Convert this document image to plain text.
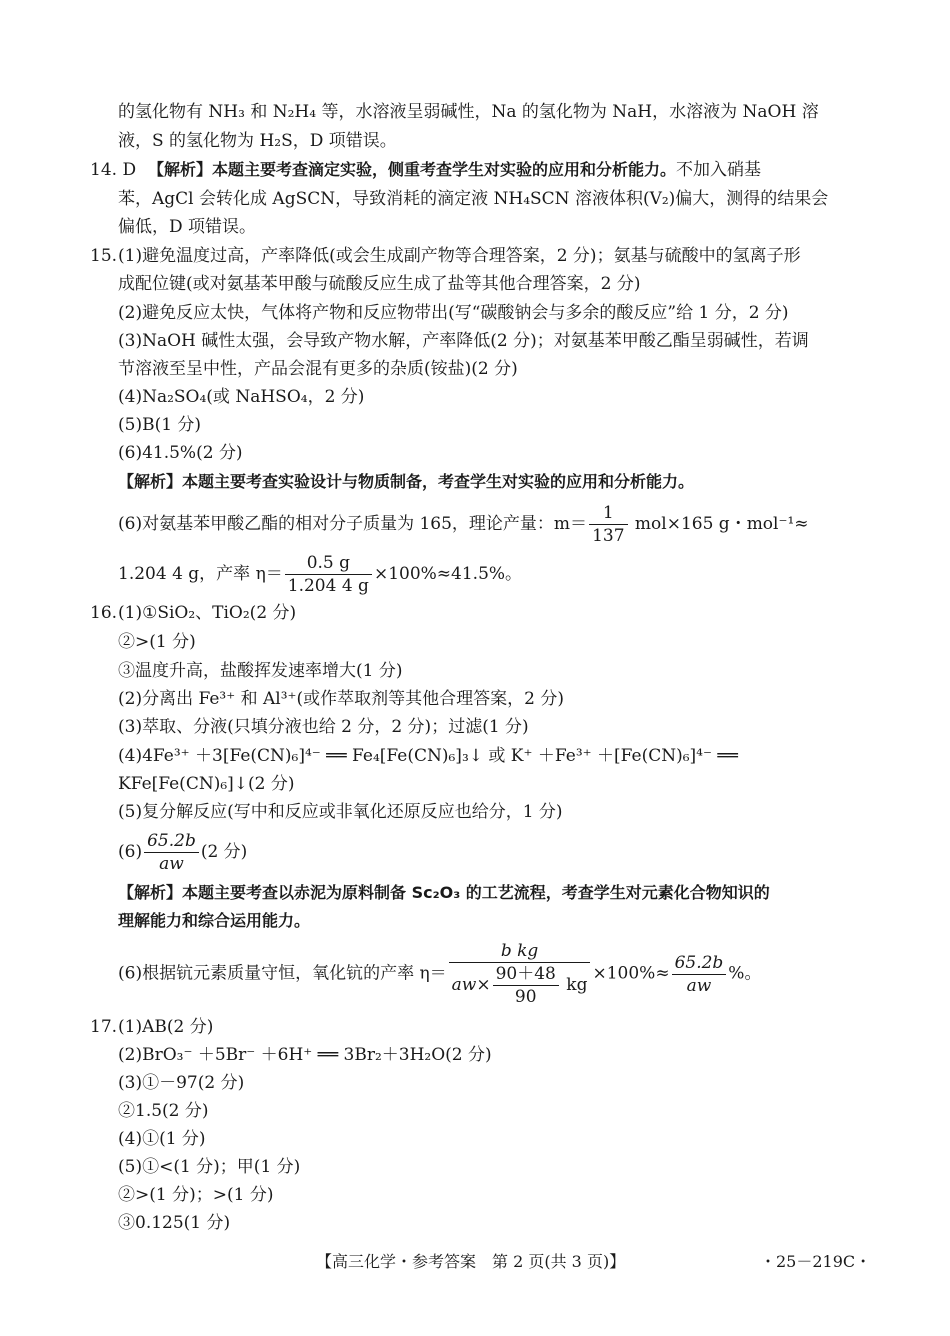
的氢化物有 NH₃ 和 N₂H₄ 等，水溶液呈弱碱性，Na 的氢化物为 NaH，水溶液为 NaOH 溶
液，S 的氢化物为 H₂S，D 项错误。
14. D 【解析】本题主要考查滴定实验，侧重考查学生对实验的应用和分析能力。不加入硝基
苯，AgCl 会转化成 AgSCN，导致消耗的滴定液 NH₄SCN 溶液体积(V₂)偏大，测得的结果会
偏低，D 项错误。
15. (1)避免温度过高，产率降低(或会生成副产物等合理答案，2 分)；氨基与硫酸中的氢离子形
成配位键(或对氨基苯甲酸与硫酸反应生成了盐等其他合理答案，2 分)
(2)避免反应太快，气体将产物和反应物带出(写“碳酸钠会与多余的酸反应”给 1 分，2 分)
(3)NaOH 碱性太强，会导致产物水解，产率降低(2 分)；对氨基苯甲酸乙酯呈弱碱性，若调
节溶液至呈中性，产品会混有更多的杂质(铵盐)(2 分)
(4)Na₂SO₄(或 NaHSO₄，2 分)
(5)B(1 分)
(6)41.5%(2 分)
【解析】本题主要考查实验设计与物质制备，考查学生对实验的应用和分析能力。
(6)对氨基苯甲酸乙酯的相对分子质量为 165，理论产量：$m= \frac{1}{137} mol\times 165$ g・mol⁻¹≈
1.204 4 g，产率 $\eta= \frac{0.5 g}{1.204 4 g} \times 100\%\approx 41.5\%$。
16. (1)①SiO₂、TiO₂(2 分)
②>(1 分)
③温度升高，盐酸挥发速率增大(1 分)
(2)分离出 Fe³⁺ 和 Al³⁺(或作萃取剂等其他合理答案，2 分)
(3)萃取、分液(只填分液也给 2 分，2 分)；过滤(1 分)
(4)4Fe³⁺ ＋3[Fe(CN)₆]⁴⁻ ══ Fe₄[Fe(CN)₆]₃↓ 或 K⁺ ＋Fe³⁺ ＋[Fe(CN)₆]⁴⁻ ══
KFe[Fe(CN)₆]↓(2 分)
(5)复分解反应(写中和反应或非氧化还原反应也给分，1 分)
$(6) \frac{65.2b}{aw} (2$ 分)
【解析】本题主要考查以赤泥为原料制备 Sc₂O₃ 的工艺流程，考查学生对元素化合物知识的
理解能力和综合运用能力。
(6)根据钪元素质量守恒，氧化钪的产率 $\eta= \frac{\text{b kg}}{aw\times \frac{90+48}{90} kg} \times 100\%\approx \frac{65.2b}{aw}$ %。
17. (1)AB(2 分)
(2)BrO₃⁻ ＋5Br⁻ ＋6H⁺ ══ 3Br₂＋3H₂O(2 分)
(3)①－97(2 分)
②1.5(2 分)
(4)①(1 分)
(5)①<(1 分)；甲(1 分)
②>(1 分)；>(1 分)
③0.125(1 分)
【高三化学・参考答案　第 2 页(共 3 页)】	・25－219C・
